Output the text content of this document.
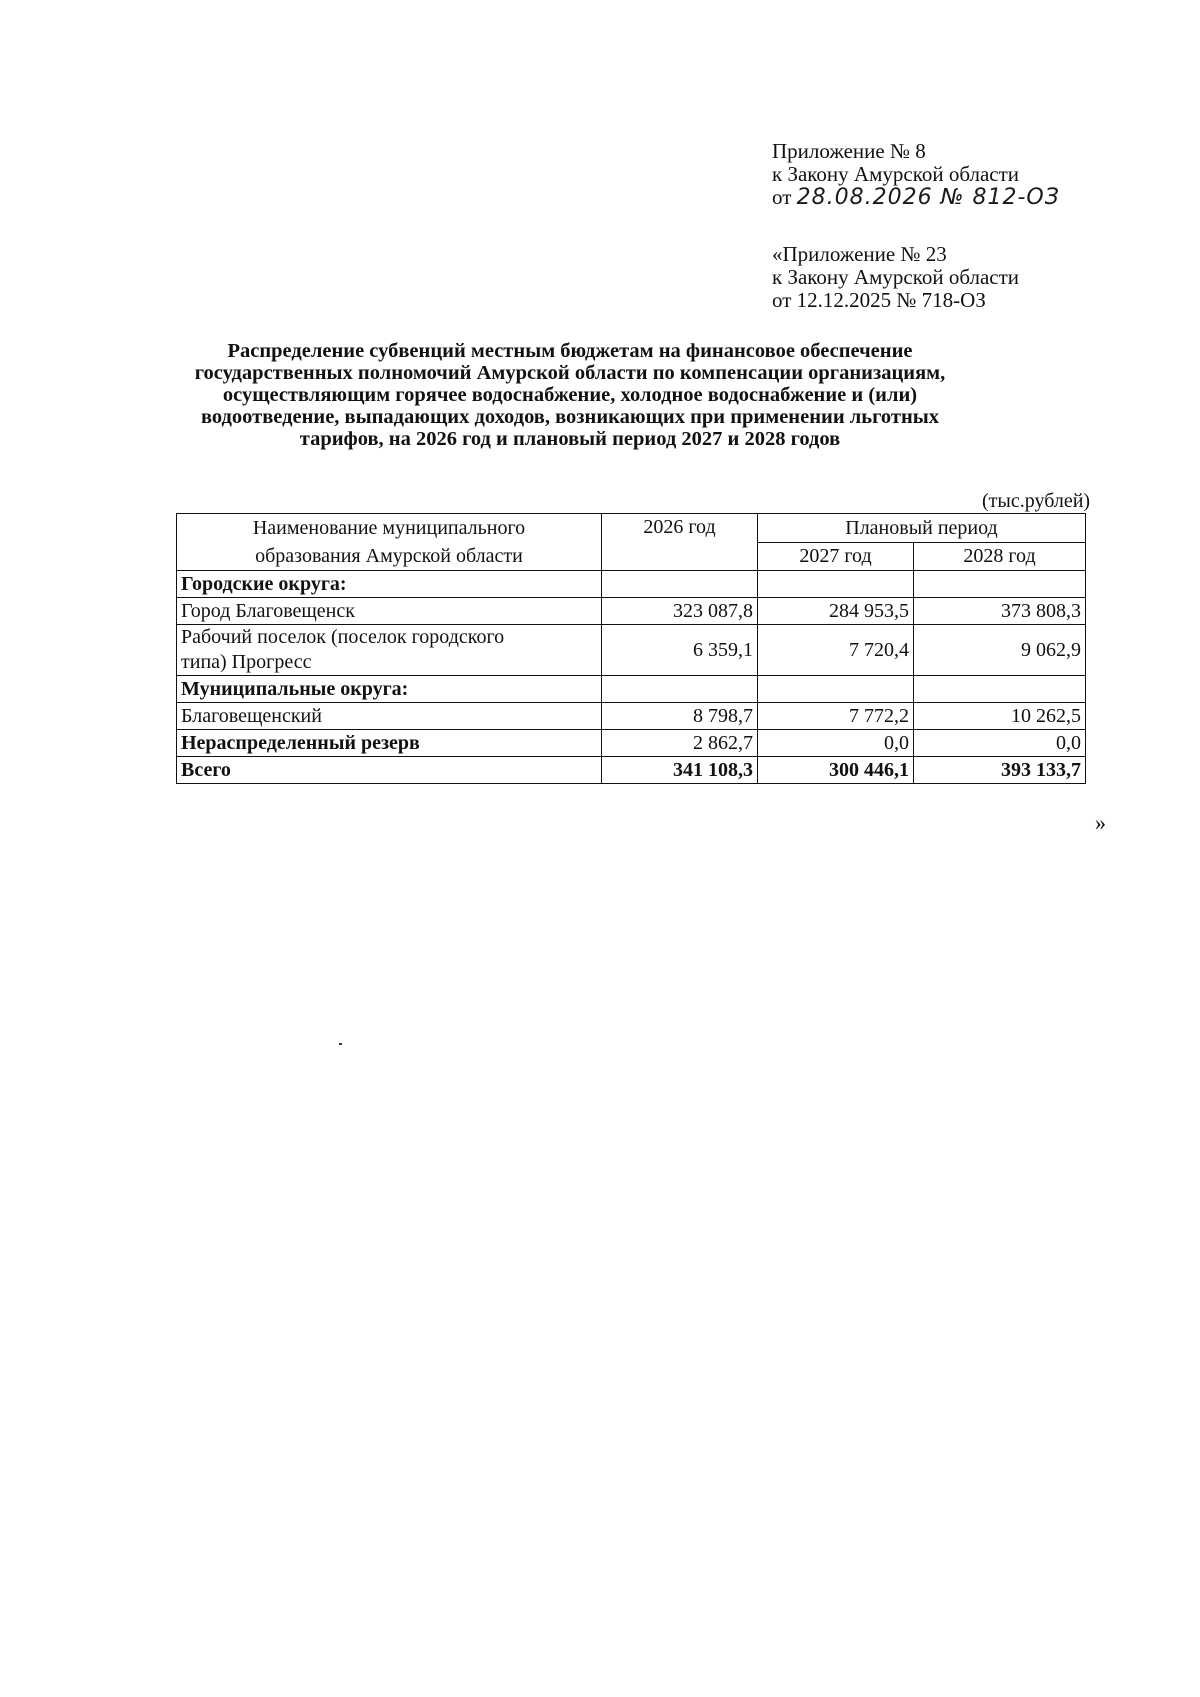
Приложение № 8
к Закону Амурской области
от 28.08.2026 № 812-ОЗ
«Приложение № 23
к Закону Амурской области
от 12.12.2025 № 718-ОЗ
Распределение субвенций местным бюджетам на финансовое обеспечение
государственных полномочий Амурской области по компенсации организациям,
осуществляющим горячее водоснабжение, холодное водоснабжение и (или)
водоотведение, выпадающих доходов, возникающих при применении льготных
тарифов, на 2026 год и плановый период 2027 и 2028 годов
(тыс.рублей)
Наименование муниципального
образования Амурской области	2026 год	Плановый период	
		2027 год	2028 год
Городские округа:			
Город Благовещенск	323 087,8	284 953,5	373 808,3

Рабочий поселок (поселок городского
типа) Прогресс	6 359,1	7 720,4	9 062,9
Муниципальные округа:			
Благовещенский	8 798,7	7 772,2	10 262,5
Нераспределенный резерв	2 862,7	0,0	0,0
Всего	341 108,3	300 446,1	393 133,7
»
